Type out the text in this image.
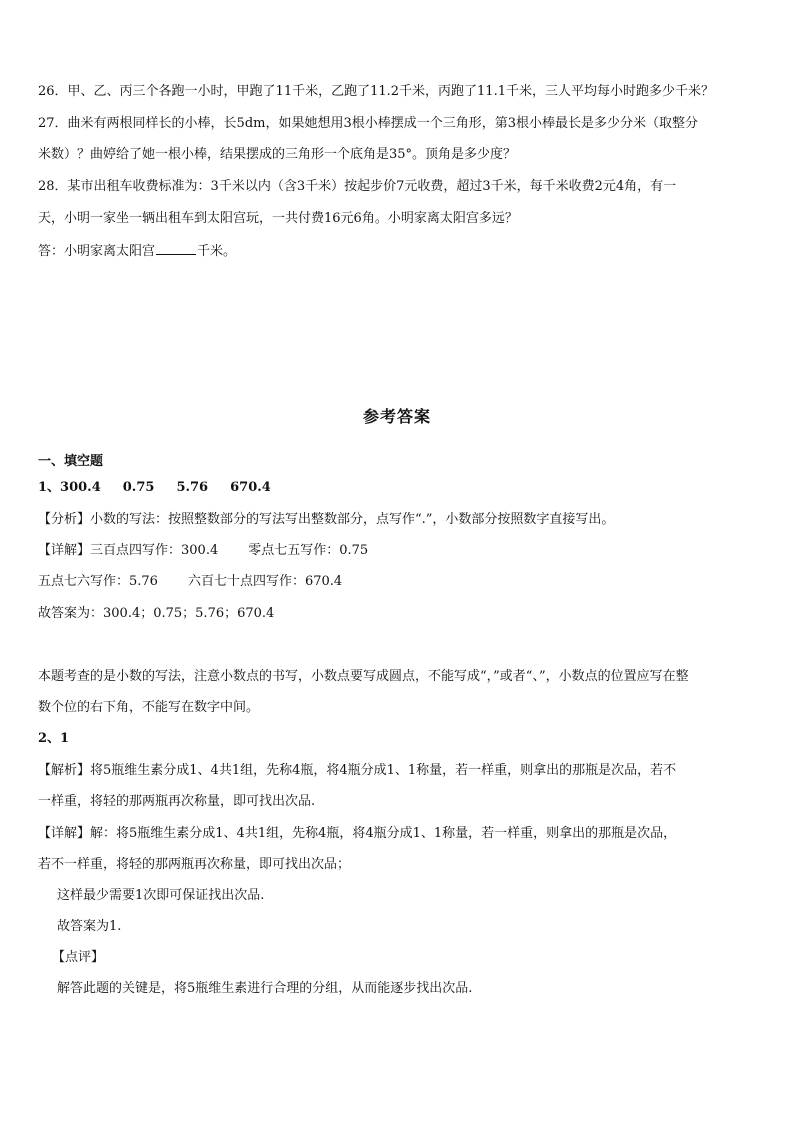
26．甲、乙、丙三个各跑一小时，甲跑了11千米，乙跑了11.2千米，丙跑了11.1千米，三人平均每小时跑多少千米？
27．曲米有两根同样长的小棒，长5dm，如果她想用3根小棒摆成一个三角形，第3根小棒最长是多少分米（取整分
米数）？曲婷给了她一根小棒，结果摆成的三角形一个底角是35°。顶角是多少度？
28．某市出租车收费标准为：3千米以内（含3千米）按起步价7元收费，超过3千米，每千米收费2元4角，有一
天，小明一家坐一辆出租车到太阳宫玩，一共付费16元6角。小明家离太阳宫多远？
答：小明家离太阳宫	千米。
参考答案
一、填空题
1、300.4 0.75 5.76 670.4
【分析】小数的写法：按照整数部分的写法写出整数部分，点写作“.”，小数部分按照数字直接写出。
【详解】三百点四写作：300.4 零点七五写作：0.75
五点七六写作：5.76 六百七十点四写作：670.4
故答案为：300.4；0.75；5.76；670.4
本题考查的是小数的写法，注意小数点的书写，小数点要写成圆点，不能写成“，”或者“、”，小数点的位置应写在整
数个位的右下角，不能写在数字中间。
2、1
【解析】将5瓶维生素分成1、4共1组，先称4瓶，将4瓶分成1、1称量，若一样重，则拿出的那瓶是次品，若不
一样重，将轻的那两瓶再次称量，即可找出次品.
【详解】解：将5瓶维生素分成1、4共1组，先称4瓶，将4瓶分成1、1称量，若一样重，则拿出的那瓶是次品，
若不一样重，将轻的那两瓶再次称量，即可找出次品；
这样最少需要1次即可保证找出次品.
故答案为1.
【点评】
解答此题的关键是，将5瓶维生素进行合理的分组，从而能逐步找出次品.
